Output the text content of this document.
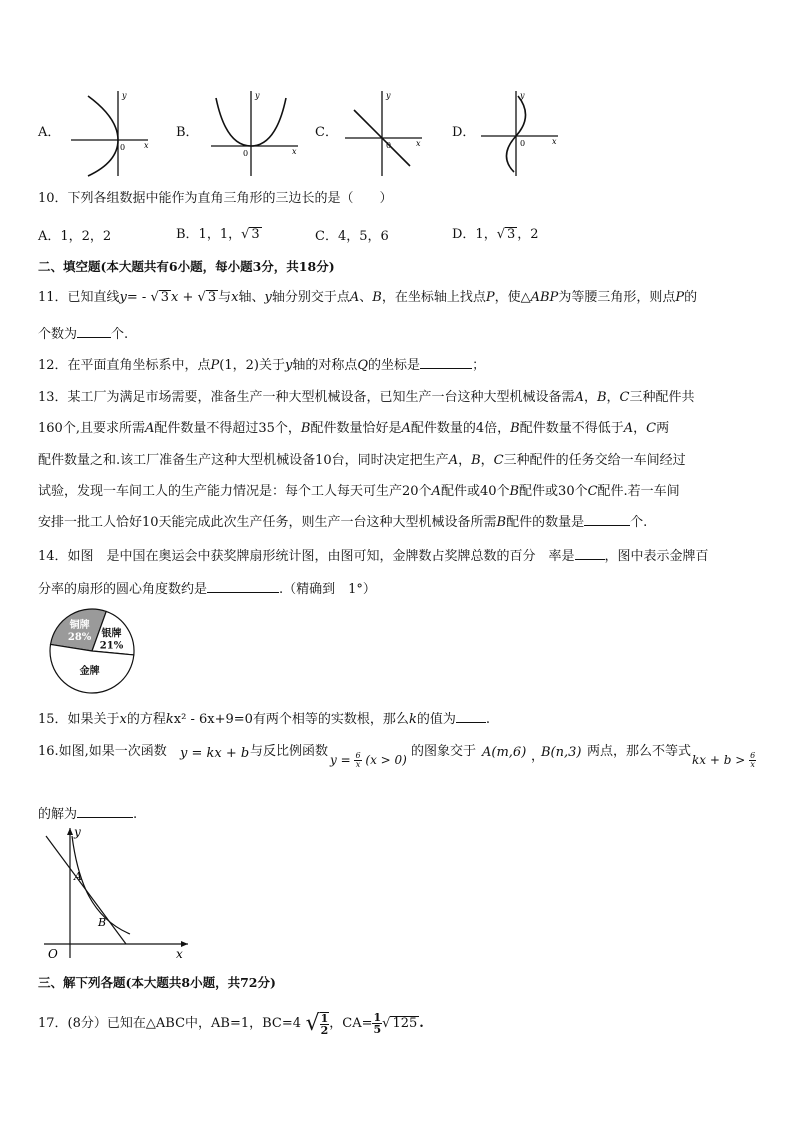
A．
y
x
0
B．
y
x
0
C．
y
x
0
D．
y
x
0
10．下列各组数据中能作为直角三角形的三边长的是（　　）
A．1，2，2	B．1，1，√ 3	C．4，5，6	D．1，√ 3 ，2
二、填空题(本大题共有6小题，每小题3分，共18分)
11．已知直线y= - √ 3 x + √ 3 与x轴、y轴分别交于点A、B，在坐标轴上找点P，使△ABP为等腰三角形，则点P的
个数为	个.
12．在平面直角坐标系中，点P(1，2)关于y轴的对称点Q的坐标是	；
13．某工厂为满足市场需要，准备生产一种大型机械设备，已知生产一台这种大型机械设备需A，B，C三种配件共
160个,且要求所需A配件数量不得超过35个，B配件数量恰好是A配件数量的4倍，B配件数量不得低于A，C两
配件数量之和.该工厂准备生产这种大型机械设备10台，同时决定把生产A，B，C三种配件的任务交给一车间经过
试验，发现一车间工人的生产能力情况是：每个工人每天可生产20个A配件或40个B配件或30个C配件.若一车间
安排一批工人恰好10天能完成此次生产任务，则生产一台这种大型机械设备所需B配件的数量是	个.
14．如图　是中国在奥运会中获奖牌扇形统计图，由图可知，金牌数占奖牌总数的百分　率是 ，图中表示金牌百
分率的扇形的圆心角度数约是	.（精确到　1°）
铜牌
28% 银牌
21%
金牌
15．如果关于x的方程kx² - 6x+9=0有两个相等的实数根，那么k的值为 .
16.如图,如果一次函数 y = kx + b 与反比例函数
$y = \frac{6}{x} (x > 0)$
的图象交于 A(m,6) ，
B(n,3) 两点，那么不等式
kx + $b > \frac{6}{x}$
的解为	.
y
x
O
A
B
三、解下列各题(本大题共8小题，共72分)
17．(8分）已知在△ABC中，AB=1，BC=4 √ $\frac{1}{2}$ ，$CA= \frac{1}{5}$ √ 125 .
